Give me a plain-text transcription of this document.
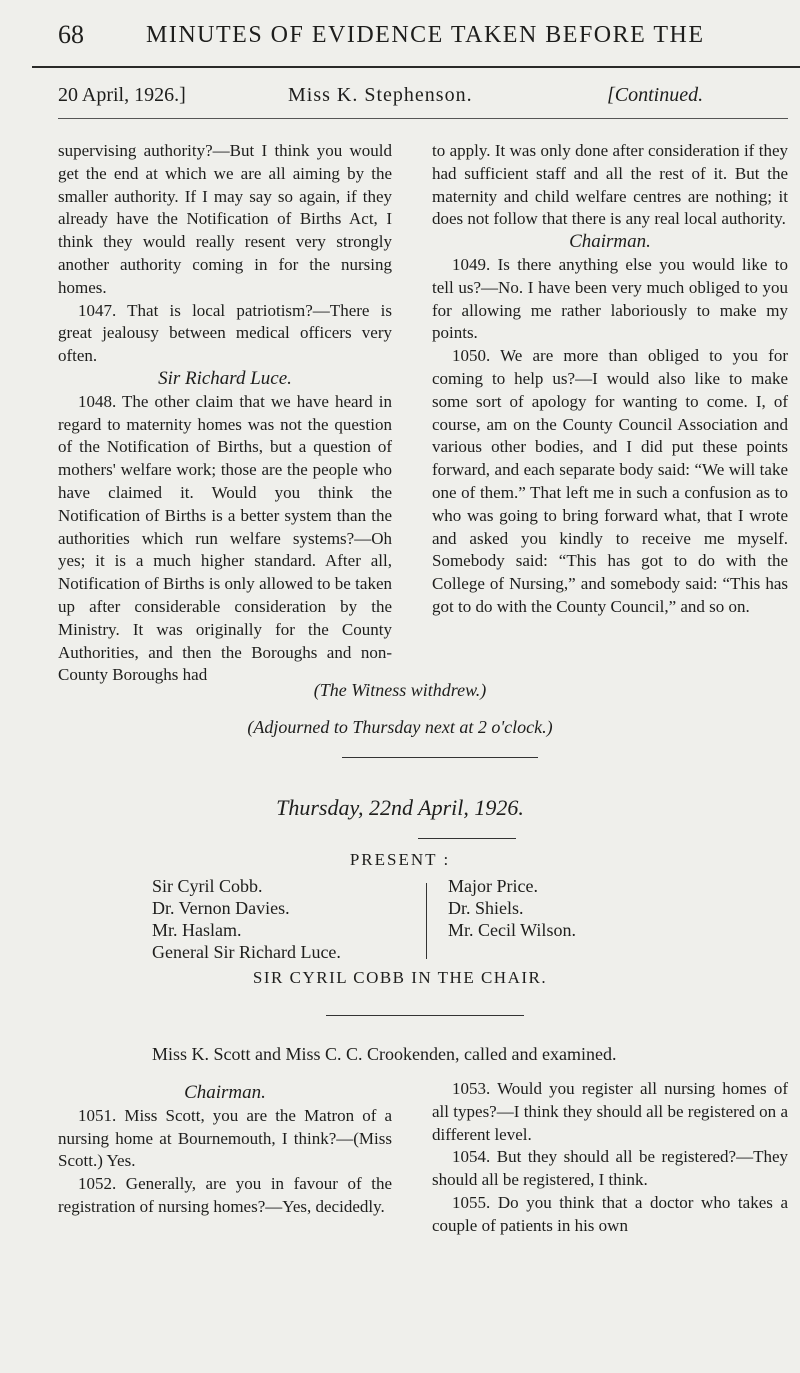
68	MINUTES OF EVIDENCE TAKEN BEFORE THE
20 April, 1926.]	Miss K. Stephenson.	[Continued.

supervising authority?—But I think you would get the end at which we are all aiming by the smaller authority. If I may say so again, if they already have the Notification of Births Act, I think they would really resent very strongly another authority coming in for the nursing homes.

1047. That is local patriotism?—There is great jealousy between medical officers very often.

Sir Richard Luce.

1048. The other claim that we have heard in regard to maternity homes was not the question of the Notification of Births, but a question of mothers' welfare work; those are the people who have claimed it. Would you think the Notification of Births is a better system than the authorities which run welfare systems?—Oh yes; it is a much higher standard. After all, Notification of Births is only allowed to be taken up after considerable consideration by the Ministry. It was originally for the County Authorities, and then the Boroughs and non-County Boroughs had

to apply. It was only done after consideration if they had sufficient staff and all the rest of it. But the maternity and child welfare centres are nothing; it does not follow that there is any real local authority.

Chairman.

1049. Is there anything else you would like to tell us?—No. I have been very much obliged to you for allowing me rather laboriously to make my points.

1050. We are more than obliged to you for coming to help us?—I would also like to make some sort of apology for wanting to come. I, of course, am on the County Council Association and various other bodies, and I did put these points forward, and each separate body said: “We will take one of them.” That left me in such a confusion as to who was going to bring forward what, that I wrote and asked you kindly to receive me myself. Somebody said: “This has got to do with the College of Nursing,” and somebody said: “This has got to do with the County Council,” and so on.

(The Witness withdrew.)
(Adjourned to Thursday next at 2 o'clock.)
Thursday, 22nd April, 1926.
PRESENT :
Sir Cyril Cobb.
Dr. Vernon Davies.
Mr. Haslam.
General Sir Richard Luce.
Major Price.
Dr. Shiels.
Mr. Cecil Wilson.
SIR CYRIL COBB IN THE CHAIR.
Miss K. Scott and Miss C. C. Crookenden, called and examined.

Chairman.

1051. Miss Scott, you are the Matron of a nursing home at Bournemouth, I think?—(Miss Scott.) Yes.

1052. Generally, are you in favour of the registration of nursing homes?—Yes, decidedly.

1053. Would you register all nursing homes of all types?—I think they should all be registered on a different level.

1054. But they should all be registered?—They should all be registered, I think.

1055. Do you think that a doctor who takes a couple of patients in his own
